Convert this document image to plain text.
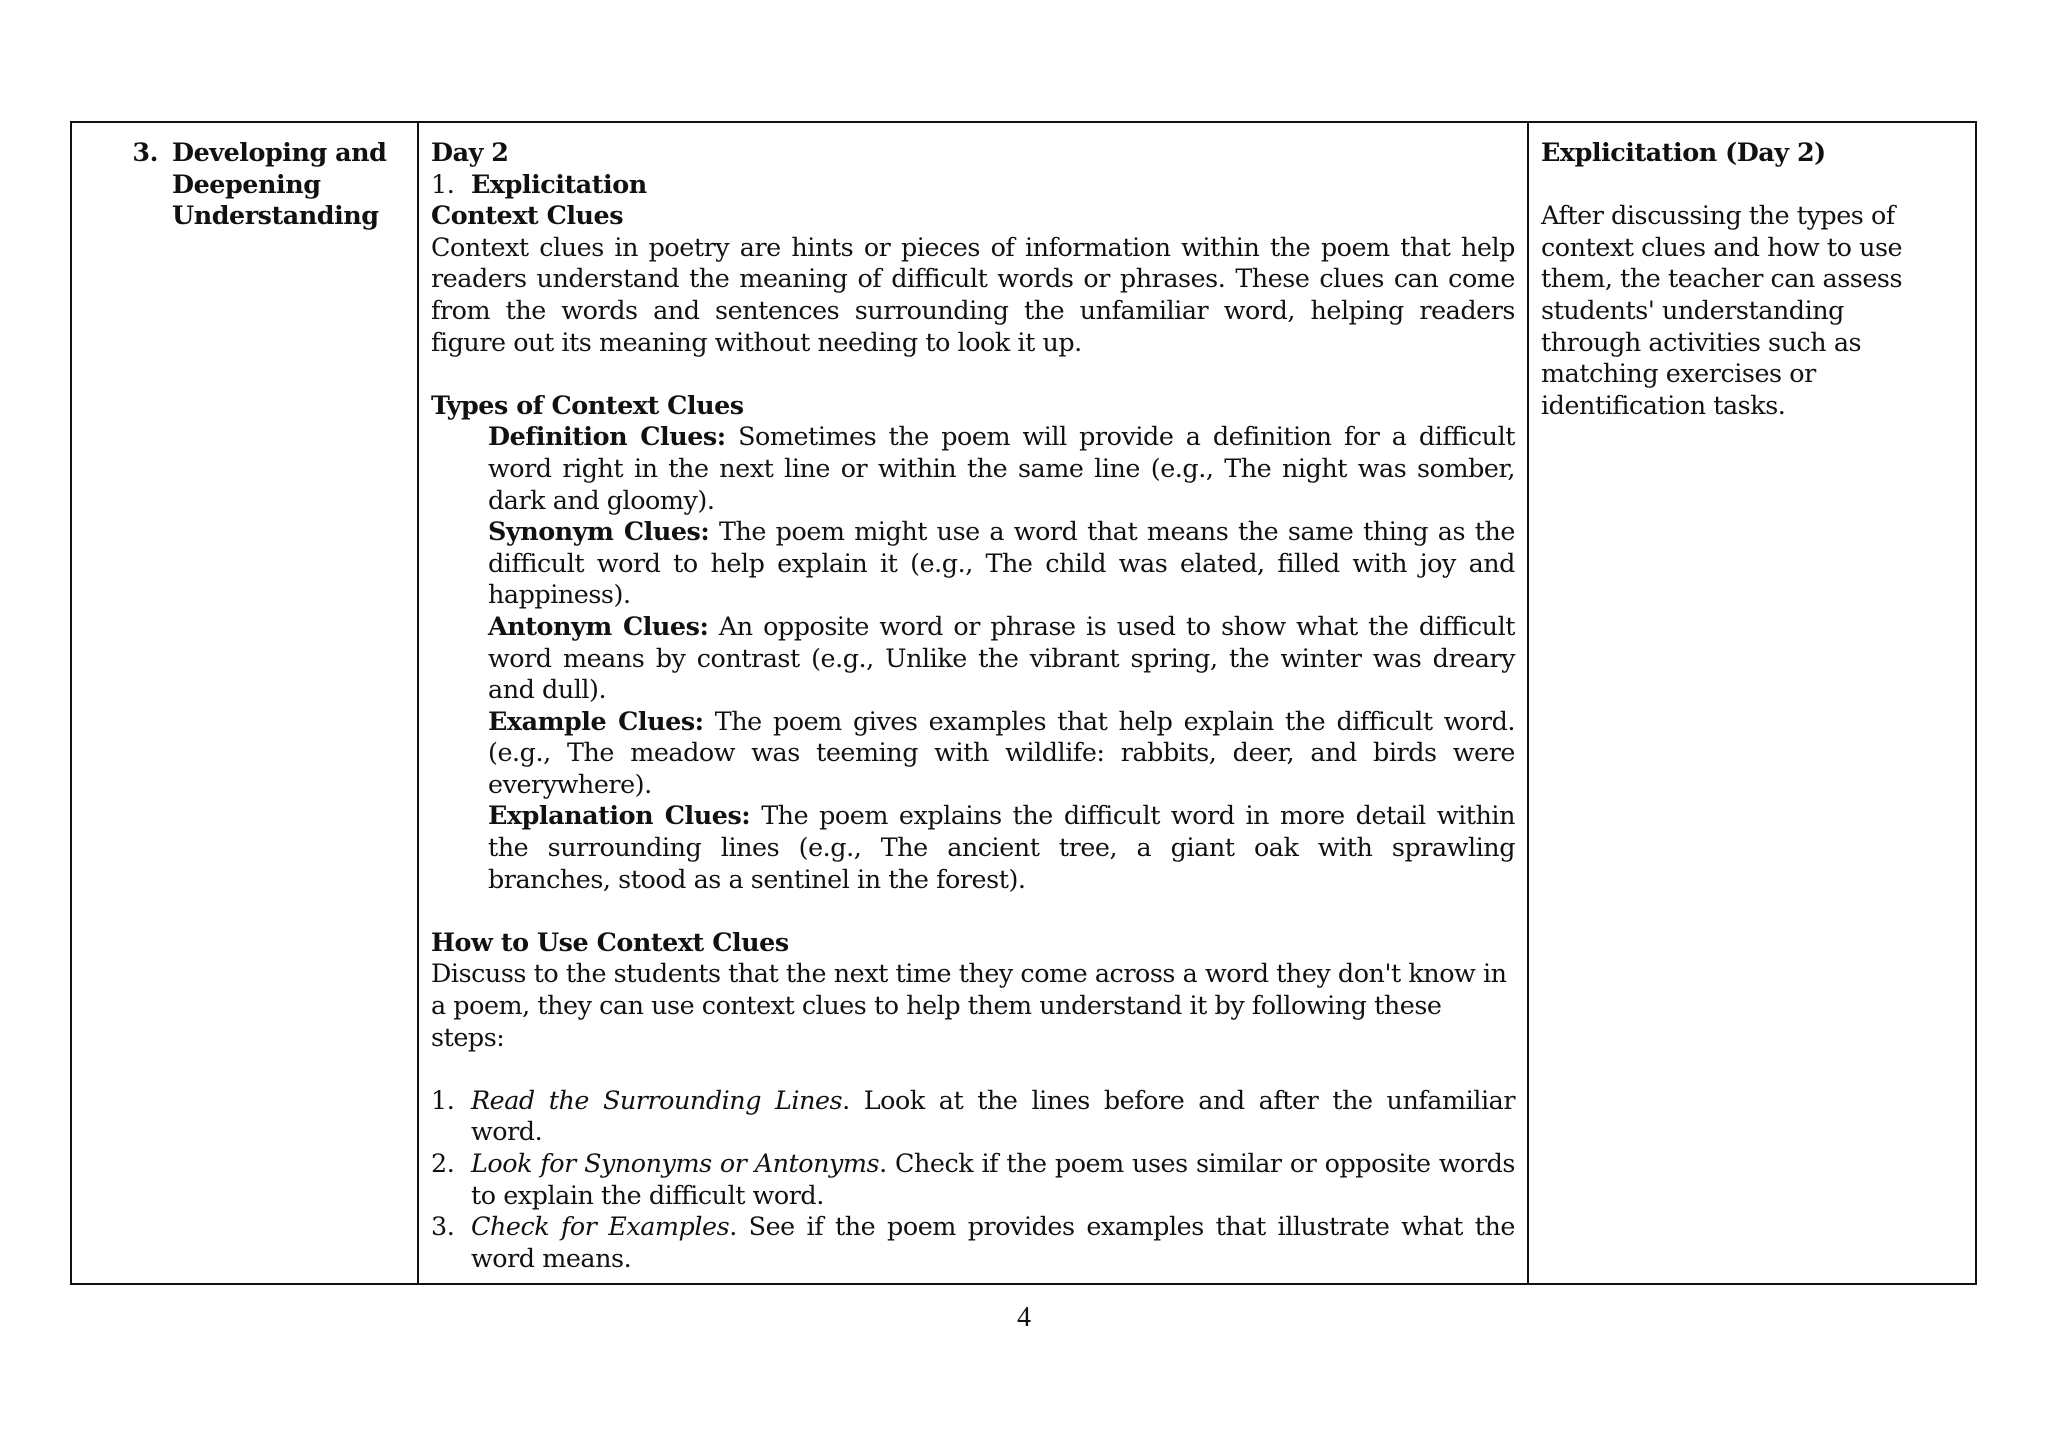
3. Developing and
Deepening
Understanding
Day 2
1. Explicitation
Context Clues
Context clues in poetry are hints or pieces of information within the poem that help readers understand the meaning of difficult words or phrases. These clues can come from the words and sentences surrounding the unfamiliar word, helping readers figure out its meaning without needing to look it up.
Types of Context Clues
Definition Clues: Sometimes the poem will provide a definition for a difficult word right in the next line or within the same line (e.g., The night was somber, dark and gloomy).
Synonym Clues: The poem might use a word that means the same thing as the difficult word to help explain it (e.g., The child was elated, filled with joy and happiness).
Antonym Clues: An opposite word or phrase is used to show what the difficult word means by contrast (e.g., Unlike the vibrant spring, the winter was dreary and dull).
Example Clues: The poem gives examples that help explain the difficult word. (e.g., The meadow was teeming with wildlife: rabbits, deer, and birds were everywhere).
Explanation Clues: The poem explains the difficult word in more detail within the surrounding lines (e.g., The ancient tree, a giant oak with sprawling branches, stood as a sentinel in the forest).
How to Use Context Clues
Discuss to the students that the next time they come across a word they don't know in a poem, they can use context clues to help them understand it by following these steps:
1. Read the Surrounding Lines. Look at the lines before and after the unfamiliar word.
2. Look for Synonyms or Antonyms. Check if the poem uses similar or opposite words to explain the difficult word.
3. Check for Examples. See if the poem provides examples that illustrate what the word means.
Explicitation (Day 2)
After discussing the types of
context clues and how to use
them, the teacher can assess
students' understanding
through activities such as
matching exercises or
identification tasks.
4
